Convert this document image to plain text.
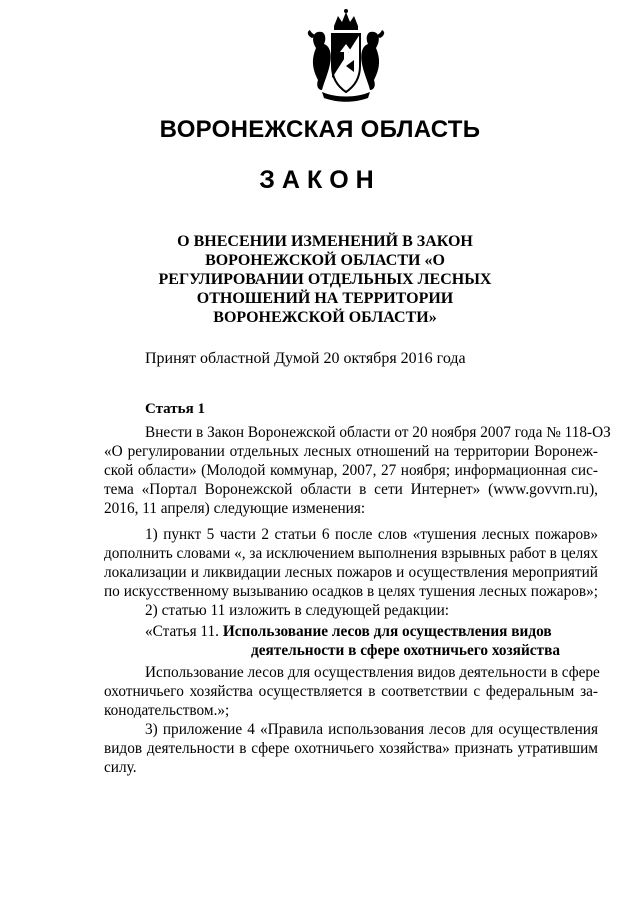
ВОРОНЕЖСКАЯ ОБЛАСТЬ
ЗАКОН
О ВНЕСЕНИИ ИЗМЕНЕНИЙ В ЗАКОН
ВОРОНЕЖСКОЙ ОБЛАСТИ «О
РЕГУЛИРОВАНИИ ОТДЕЛЬНЫХ ЛЕСНЫХ
ОТНОШЕНИЙ НА ТЕРРИТОРИИ
ВОРОНЕЖСКОЙ ОБЛАСТИ»
Принят областной Думой 20 октября 2016 года
Статья 1
Внести в Закон Воронежской области от 20 ноября 2007 года № 118-ОЗ
«О регулировании отдельных лесных отношений на территории Воронеж-
ской области» (Молодой коммунар, 2007, 27 ноября; информационная сис-
тема «Портал Воронежской области в сети Интернет» (www.govvrn.ru),
2016, 11 апреля) следующие изменения:
1) пункт 5 части 2 статьи 6 после слов «тушения лесных пожаров»
дополнить словами «, за исключением выполнения взрывных работ в целях
локализации и ликвидации лесных пожаров и осуществления мероприятий
по искусственному вызыванию осадков в целях тушения лесных пожаров»;
2) статью 11 изложить в следующей редакции:
«Статья 11. Использование лесов для осуществления видов
деятельности в сфере охотничьего хозяйства
Использование лесов для осуществления видов деятельности в сфере
охотничьего хозяйства осуществляется в соответствии с федеральным за-
конодательством.»;
3) приложение 4 «Правила использования лесов для осуществления
видов деятельности в сфере охотничьего хозяйства» признать утратившим
силу.
